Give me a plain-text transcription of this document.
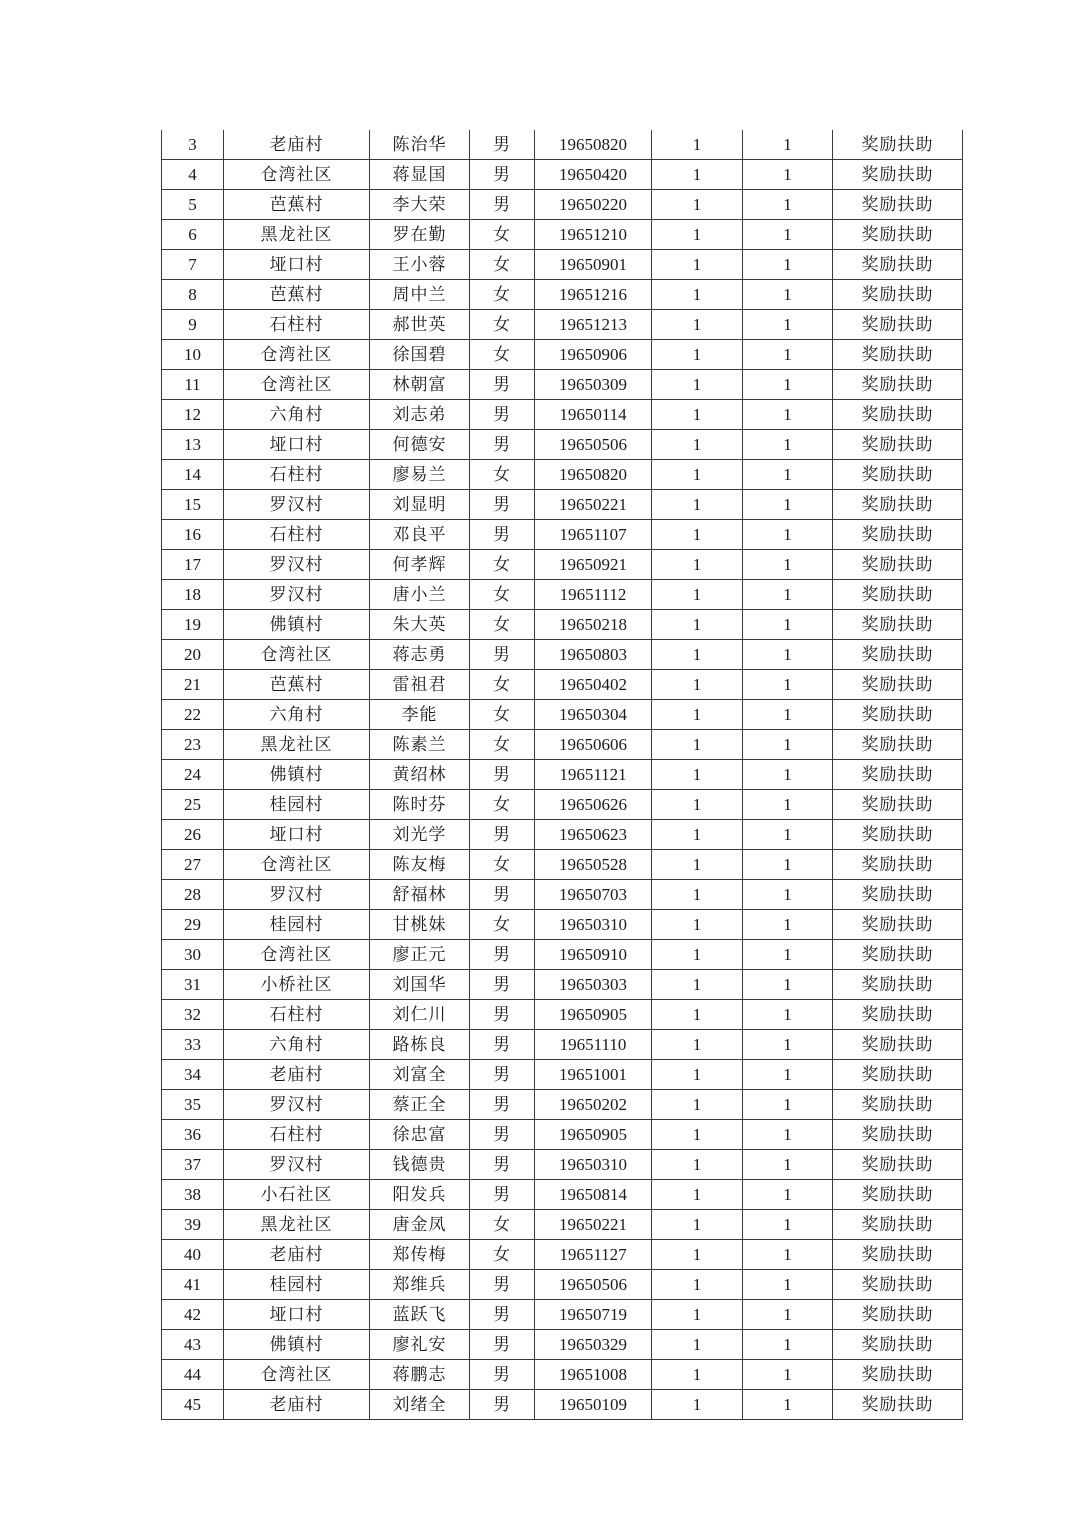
3	老庙村	陈治华	男	19650820	1	1	奖励扶助
4	仓湾社区	蒋显国	男	19650420	1	1	奖励扶助
5	芭蕉村	李大荣	男	19650220	1	1	奖励扶助
6	黑龙社区	罗在勤	女	19651210	1	1	奖励扶助
7	垭口村	王小蓉	女	19650901	1	1	奖励扶助
8	芭蕉村	周中兰	女	19651216	1	1	奖励扶助
9	石柱村	郝世英	女	19651213	1	1	奖励扶助
10	仓湾社区	徐国碧	女	19650906	1	1	奖励扶助
11	仓湾社区	林朝富	男	19650309	1	1	奖励扶助
12	六角村	刘志弟	男	19650114	1	1	奖励扶助
13	垭口村	何德安	男	19650506	1	1	奖励扶助
14	石柱村	廖易兰	女	19650820	1	1	奖励扶助
15	罗汉村	刘显明	男	19650221	1	1	奖励扶助
16	石柱村	邓良平	男	19651107	1	1	奖励扶助
17	罗汉村	何孝辉	女	19650921	1	1	奖励扶助
18	罗汉村	唐小兰	女	19651112	1	1	奖励扶助
19	佛镇村	朱大英	女	19650218	1	1	奖励扶助
20	仓湾社区	蒋志勇	男	19650803	1	1	奖励扶助
21	芭蕉村	雷祖君	女	19650402	1	1	奖励扶助
22	六角村	李能	女	19650304	1	1	奖励扶助
23	黑龙社区	陈素兰	女	19650606	1	1	奖励扶助
24	佛镇村	黄绍林	男	19651121	1	1	奖励扶助
25	桂园村	陈时芬	女	19650626	1	1	奖励扶助
26	垭口村	刘光学	男	19650623	1	1	奖励扶助
27	仓湾社区	陈友梅	女	19650528	1	1	奖励扶助
28	罗汉村	舒福林	男	19650703	1	1	奖励扶助
29	桂园村	甘桃妹	女	19650310	1	1	奖励扶助
30	仓湾社区	廖正元	男	19650910	1	1	奖励扶助
31	小桥社区	刘国华	男	19650303	1	1	奖励扶助
32	石柱村	刘仁川	男	19650905	1	1	奖励扶助
33	六角村	路栋良	男	19651110	1	1	奖励扶助
34	老庙村	刘富全	男	19651001	1	1	奖励扶助
35	罗汉村	蔡正全	男	19650202	1	1	奖励扶助
36	石柱村	徐忠富	男	19650905	1	1	奖励扶助
37	罗汉村	钱德贵	男	19650310	1	1	奖励扶助
38	小石社区	阳发兵	男	19650814	1	1	奖励扶助
39	黑龙社区	唐金凤	女	19650221	1	1	奖励扶助
40	老庙村	郑传梅	女	19651127	1	1	奖励扶助
41	桂园村	郑维兵	男	19650506	1	1	奖励扶助
42	垭口村	蓝跃飞	男	19650719	1	1	奖励扶助
43	佛镇村	廖礼安	男	19650329	1	1	奖励扶助
44	仓湾社区	蒋鹏志	男	19651008	1	1	奖励扶助
45	老庙村	刘绪全	男	19650109	1	1	奖励扶助
